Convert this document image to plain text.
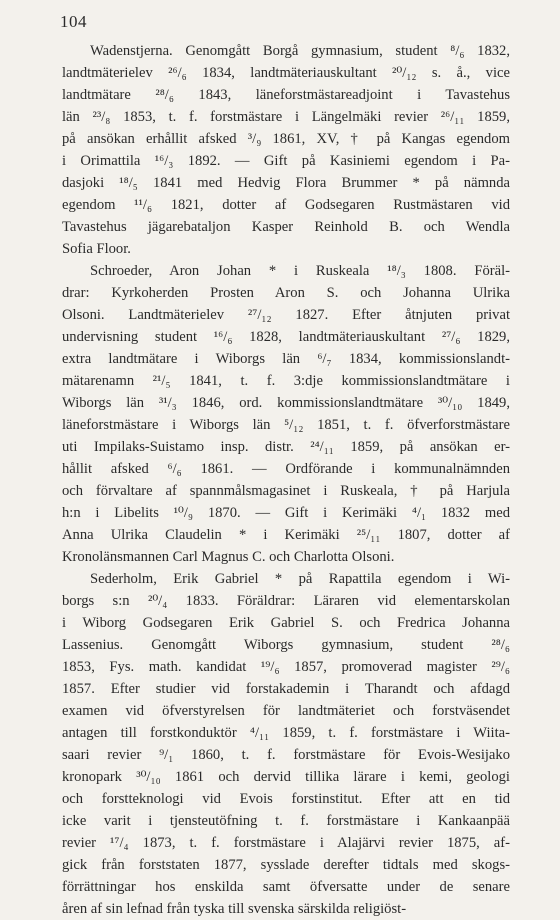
104
Wadenstjerna. Genomgått Borgå gymnasium, student ⁸/₆ 1832,
landtmäterielev ²⁶/₆ 1834, landtmäteriauskultant ²⁰/₁₂ s. å., vice
landtmätare ²⁸/₆ 1843, läneforstmästareadjoint i Tavastehus
län ²³/₈ 1853, t. f. forstmästare i Längelmäki revier ²⁶/₁₁ 1859,
på ansökan erhållit afsked ³/₉ 1861, XV, † på Kangas egendom
i Orimattila ¹⁶/₃ 1892. — Gift på Kasiniemi egendom i Pa-
dasjoki ¹⁸/₅ 1841 med Hedvig Flora Brummer * på nämnda
egendom ¹¹/₆ 1821, dotter af Godsegaren Rustmästaren vid
Tavastehus jägarebataljon Kasper Reinhold B. och Wendla
Sofia Floor.
Schroeder, Aron Johan * i Ruskeala ¹⁸/₃ 1808. Föräl-
drar: Kyrkoherden Prosten Aron S. och Johanna Ulrika
Olsoni. Landtmäterielev ²⁷/₁₂ 1827. Efter åtnjuten privat
undervisning student ¹⁶/₆ 1828, landtmäteriauskultant ²⁷/₆ 1829,
extra landtmätare i Wiborgs län ⁶/₇ 1834, kommissionslandt-
mätarenamn ²¹/₅ 1841, t. f. 3:dje kommissionslandtmätare i
Wiborgs län ³¹/₃ 1846, ord. kommissionslandtmätare ³⁰/₁₀ 1849,
läneforstmästare i Wiborgs län ⁵/₁₂ 1851, t. f. öfverforstmästare
uti Impilaks-Suistamo insp. distr. ²⁴/₁₁ 1859, på ansökan er-
hållit afsked ⁶/₆ 1861. — Ordförande i kommunalnämnden
och förvaltare af spannmålsmagasinet i Ruskeala, † på Harjula
h:n i Libelits ¹⁰/₉ 1870. — Gift i Kerimäki ⁴/₁ 1832 med
Anna Ulrika Claudelin * i Kerimäki ²⁵/₁₁ 1807, dotter af
Kronolänsmannen Carl Magnus C. och Charlotta Olsoni.
Sederholm, Erik Gabriel * på Rapattila egendom i Wi-
borgs s:n ²⁰/₄ 1833. Föräldrar: Läraren vid elementarskolan
i Wiborg Godsegaren Erik Gabriel S. och Fredrica Johanna
Lassenius. Genomgått Wiborgs gymnasium, student ²⁸/₆
1853, Fys. math. kandidat ¹⁹/₆ 1857, promoverad magister ²⁹/₆
1857. Efter studier vid forstakademin i Tharandt och afdagd
examen vid öfverstyrelsen för landtmäteriet och forstväsendet
antagen till forstkonduktör ⁴/₁₁ 1859, t. f. forstmästare i Wiita-
saari revier ⁹/₁ 1860, t. f. forstmästare för Evois-Wesijako
kronopark ³⁰/₁₀ 1861 och dervid tillika lärare i kemi, geologi
och forstteknologi vid Evois forstinstitut. Efter att en tid
icke varit i tjenstеutöfning t. f. forstmästare i Kankaanpää
revier ¹⁷/₄ 1873, t. f. forstmästare i Alajärvi revier 1875, af-
gick från forststaten 1877, sysslade derefter tidtals med skogs-
förrättningar hos enskilda samt öfversatte under de senare
åren af sin lefnad från tyska till svenska särskilda religiöst-
